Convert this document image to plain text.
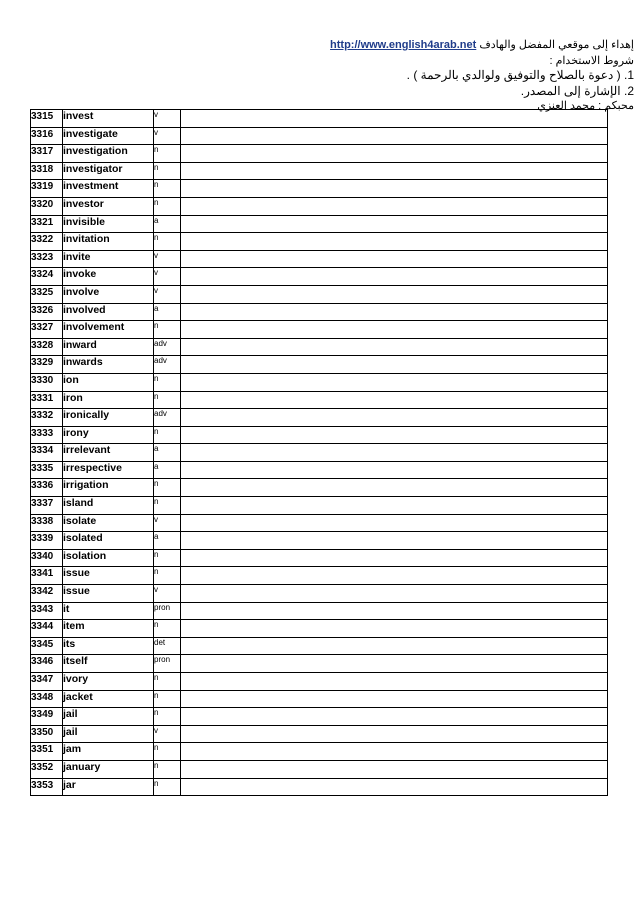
إهداء إلى موقعي المفضل والهادف http://www.english4arab.net
شروط الاستخدام :
1. ( دعوة بالصلاح والتوفيق ولوالدي بالرحمة ) .
2. الإشارة إلى المصدر.
محبكم : محمد العنزي
3315	invest	v	
3316	investigate	v	
3317	investigation	n	
3318	investigator	n	
3319	investment	n	
3320	investor	n	
3321	invisible	a	
3322	invitation	n	
3323	invite	v	
3324	invoke	v	
3325	involve	v	
3326	involved	a	
3327	involvement	n	
3328	inward	adv	
3329	inwards	adv	
3330	ion	n	
3331	iron	n	
3332	ironically	adv	
3333	irony	n	
3334	irrelevant	a	
3335	irrespective	a	
3336	irrigation	n	
3337	island	n	
3338	isolate	v	
3339	isolated	a	
3340	isolation	n	
3341	issue	n	
3342	issue	v	
3343	it	pron	
3344	item	n	
3345	its	det	
3346	itself	pron	
3347	ivory	n	
3348	jacket	n	
3349	jail	n	
3350	jail	v	
3351	jam	n	
3352	january	n	
3353	jar	n	
